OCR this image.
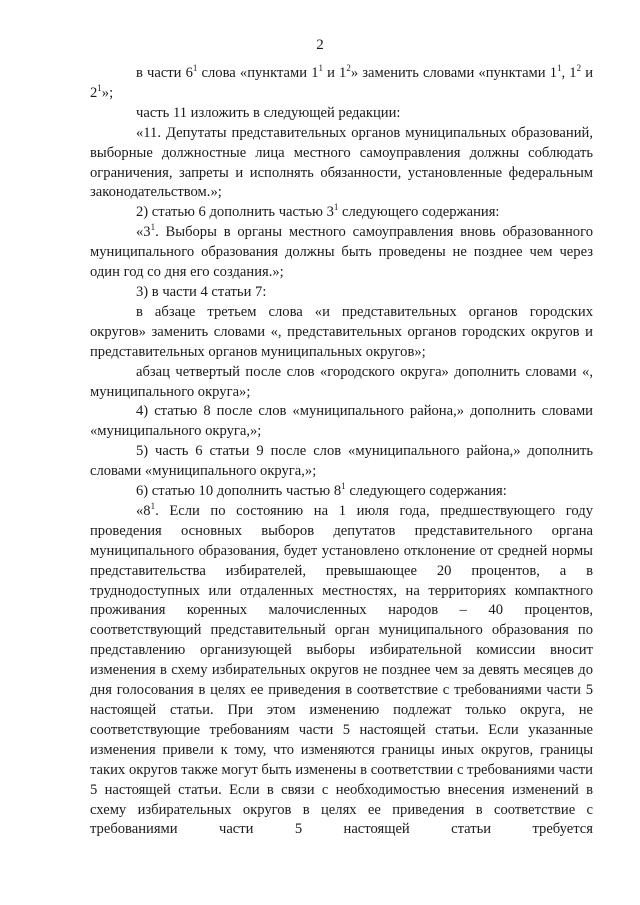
2

в части $6^1$ слова «пунктами $1^1$ и $1^2$» заменить словами «пунктами $1^1$, $1^2$ и $2^1$»;

часть 11 изложить в следующей редакции:

«11. Депутаты представительных органов муниципальных образований, выборные должностные лица местного самоуправления должны соблюдать ограничения, запреты и исполнять обязанности, установленные федеральным законодательством.»;

2) статью 6 дополнить частью $3^1$ следующего содержания:

«$3^1$. Выборы в органы местного самоуправления вновь образованного муниципального образования должны быть проведены не позднее чем через один год со дня его создания.»;

3) в части 4 статьи 7:

в абзаце третьем слова «и представительных органов городских округов» заменить словами «, представительных органов городских округов и представительных органов муниципальных округов»;

абзац четвертый после слов «городского округа» дополнить словами «, муниципального округа»;

4) статью 8 после слов «муниципального района,» дополнить словами «муниципального округа,»;

5) часть 6 статьи 9 после слов «муниципального района,» дополнить словами «муниципального округа,»;

6) статью 10 дополнить частью $8^1$ следующего содержания:

«$8^1$. Если по состоянию на 1 июля года, предшествующего году проведения основных выборов депутатов представительного органа муниципального образования, будет установлено отклонение от средней нормы представительства избирателей, превышающее 20 процентов, а в труднодоступных или отдаленных местностях, на территориях компактного проживания коренных малочисленных народов – 40 процентов, соответствующий представительный орган муниципального образования по представлению организующей выборы избирательной комиссии вносит изменения в схему избирательных округов не позднее чем за девять месяцев до дня голосования в целях ее приведения в соответствие с требованиями части 5 настоящей статьи. При этом изменению подлежат только округа, не соответствующие требованиям части 5 настоящей статьи. Если указанные изменения привели к тому, что изменяются границы иных округов, границы таких округов также могут быть изменены в соответствии с требованиями части 5 настоящей статьи. Если в связи с необходимостью внесения изменений в схему избирательных округов в целях ее приведения в соответствие с требованиями части 5 настоящей статьи требуется
